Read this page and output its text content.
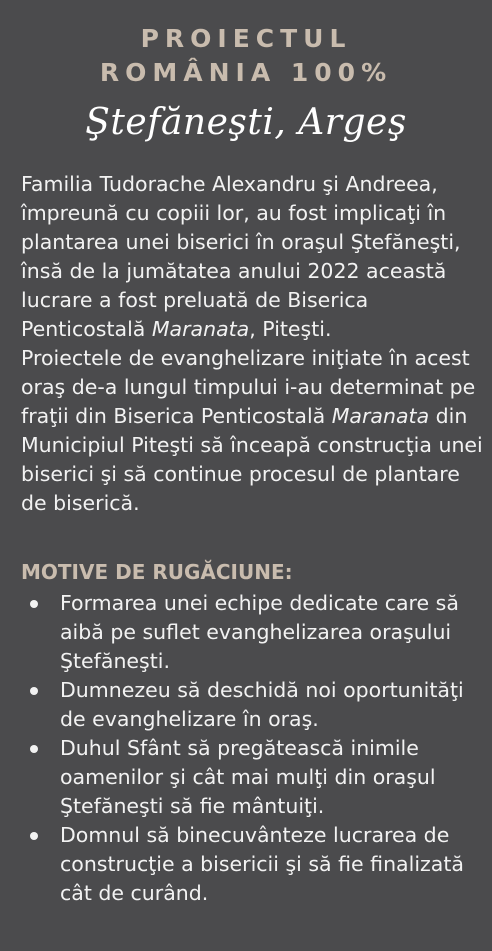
PROIECTUL
ROMÂNIA 100%
Ştefăneşti, Argeş

Familia Tudorache Alexandru şi Andreea, împreună cu copiii lor, au fost implicaţi în plantarea unei biserici în oraşul Ştefăneşti, însă de la jumătatea anului 2022 această lucrare a fost preluată de Biserica Penticostală Maranata, Piteşti.

Proiectele de evanghelizare iniţiate în acest oraş de-a lungul timpului i-au determinat pe fraţii din Biserica Penticostală Maranata din Municipiul Piteşti să înceapă construcţia unei biserici şi să continue procesul de plantare de biserică.

MOTIVE DE RUGĂCIUNE:
Formarea unei echipe dedicate care să aibă pe suflet evanghelizarea oraşului Ştefăneşti.
Dumnezeu să deschidă noi oportunităţi de evanghelizare în oraş.
Duhul Sfânt să pregătească inimile oamenilor şi cât mai mulţi din oraşul Ştefăneşti să fie mântuiţi.
Domnul să binecuvânteze lucrarea de construcţie a bisericii şi să fie finalizată cât de curând.
